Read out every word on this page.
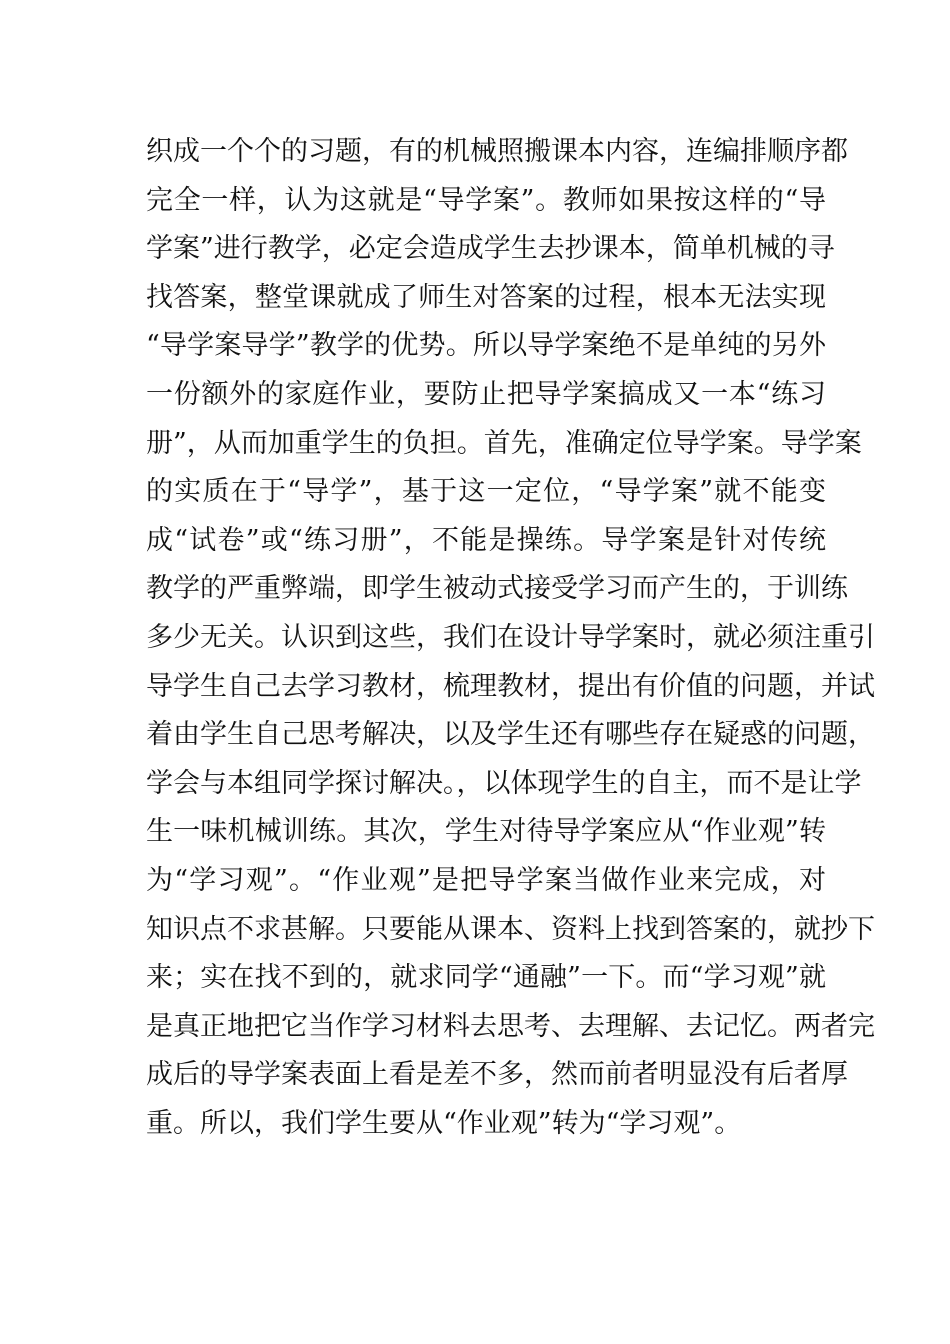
织成一个个的习题，有的机械照搬课本内容，连编排顺序都
完全一样，认为这就是“导学案”。教师如果按这样的“导
学案”进行教学，必定会造成学生去抄课本，简单机械的寻
找答案，整堂课就成了师生对答案的过程，根本无法实现
“导学案导学”教学的优势。所以导学案绝不是单纯的另外
一份额外的家庭作业，要防止把导学案搞成又一本“练习
册”，从而加重学生的负担。首先，准确定位导学案。导学案
的实质在于“导学”，基于这一定位，“导学案”就不能变
成“试卷”或“练习册”，不能是操练。导学案是针对传统
教学的严重弊端，即学生被动式接受学习而产生的，于训练
多少无关。认识到这些，我们在设计导学案时，就必须注重引
导学生自己去学习教材，梳理教材，提出有价值的问题，并试
着由学生自己思考解决，以及学生还有哪些存在疑惑的问题，
学会与本组同学探讨解决。，以体现学生的自主，而不是让学
生一味机械训练。其次，学生对待导学案应从“作业观”转
为“学习观”。“作业观”是把导学案当做作业来完成，对
知识点不求甚解。只要能从课本、资料上找到答案的，就抄下
来；实在找不到的，就求同学“通融”一下。而“学习观”就
是真正地把它当作学习材料去思考、去理解、去记忆。两者完
成后的导学案表面上看是差不多，然而前者明显没有后者厚
重。所以，我们学生要从“作业观”转为“学习观”。
